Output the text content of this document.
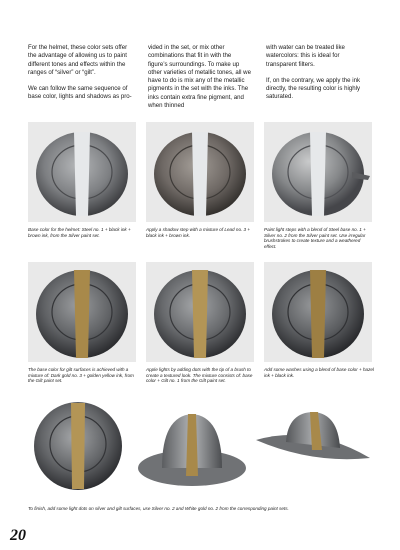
For the helmet, these color sets offer the advantage of allowing us to paint different tones and effects within the ranges of “silver” or “gilt”.

We can follow the same sequence of base color, lights and shadows as pro-

vided in the set, or mix other combinations that fit in with the figure’s surroundings. To make up other varieties of metallic tones, all we have to do is mix any of the metallic pigments in the set with the inks. The inks contain extra fine pigment, and when thinned

with water can be treated like watercolors: this is ideal for transparent filters.

If, on the contrary, we apply the ink directly, the resulting color is highly saturated.

Base color for the helmet: Steel no. 1 + black ink + brown ink, from the Silver paint set.
Apply a shadow step with a mixture of Lead no. 3 + black ink + brown ink.
Paint light steps with a blend of Steel base no. 1 + Silver no. 2 from the Silver paint set. Use irregular brushstrokes to create texture and a weathered effect.
The base color for gilt surfaces is achieved with a mixture of: Dark gold no. 3 + golden yellow ink, from the Gilt paint set.
Apple lights by adding dots with the tip of a brush to create a textured look. The mixture consists of: base color + Gilt no. 1 from the Gilt paint set.
Add some washes using a blend of base color + hazel ink + black ink.
To finish, add some light dots on silver and gilt surfaces, use Silver no. 2 and White gold no. 2 from the corresponding paint sets.
20
